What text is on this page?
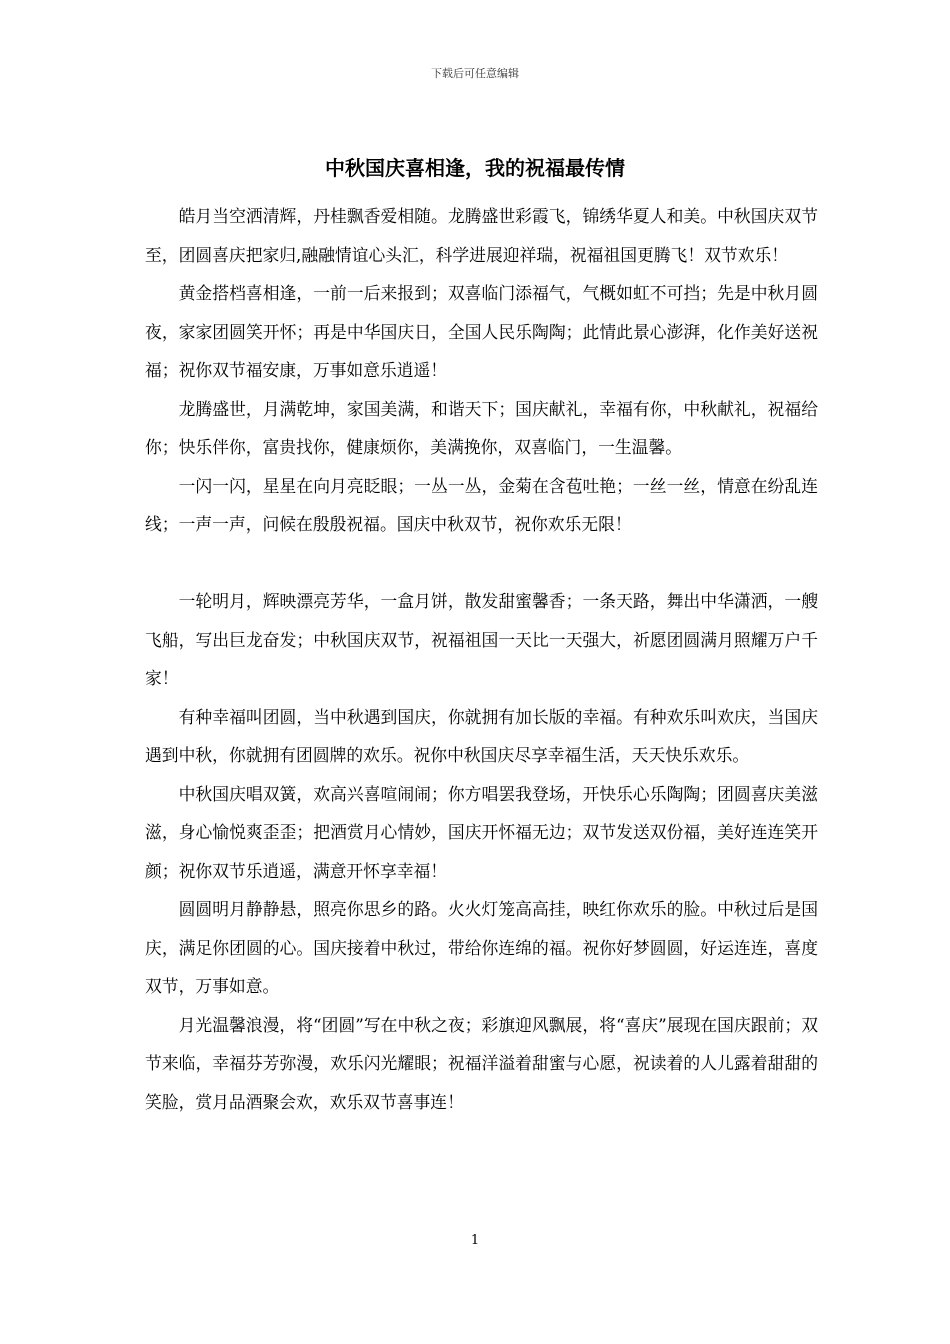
下载后可任意编辑
中秋国庆喜相逢，我的祝福最传情

皓月当空洒清辉，丹桂飘香爱相随。龙腾盛世彩霞飞，锦绣华夏人和美。中秋国庆双节至，团圆喜庆把家归,融融情谊心头汇，科学进展迎祥瑞，祝福祖国更腾飞！双节欢乐！

黄金搭档喜相逢，一前一后来报到；双喜临门添福气，气概如虹不可挡；先是中秋月圆夜，家家团圆笑开怀；再是中华国庆日，全国人民乐陶陶；此情此景心澎湃，化作美好送祝福；祝你双节福安康，万事如意乐逍遥！

龙腾盛世，月满乾坤，家国美满，和谐天下；国庆献礼，幸福有你，中秋献礼，祝福给你；快乐伴你，富贵找你，健康烦你，美满挽你，双喜临门，一生温馨。

一闪一闪，星星在向月亮眨眼；一丛一丛，金菊在含苞吐艳；一丝一丝，情意在纷乱连线；一声一声，问候在殷殷祝福。国庆中秋双节，祝你欢乐无限！

一轮明月，辉映漂亮芳华，一盒月饼，散发甜蜜馨香；一条天路，舞出中华潇洒，一艘飞船，写出巨龙奋发；中秋国庆双节，祝福祖国一天比一天强大，祈愿团圆满月照耀万户千家！

有种幸福叫团圆，当中秋遇到国庆，你就拥有加长版的幸福。有种欢乐叫欢庆，当国庆遇到中秋，你就拥有团圆牌的欢乐。祝你中秋国庆尽享幸福生活，天天快乐欢乐。

中秋国庆唱双簧，欢高兴喜喧闹闹；你方唱罢我登场，开快乐心乐陶陶；团圆喜庆美滋滋，身心愉悦爽歪歪；把酒赏月心情妙，国庆开怀福无边；双节发送双份福，美好连连笑开颜；祝你双节乐逍遥，满意开怀享幸福！

圆圆明月静静悬，照亮你思乡的路。火火灯笼高高挂，映红你欢乐的脸。中秋过后是国庆，满足你团圆的心。国庆接着中秋过，带给你连绵的福。祝你好梦圆圆，好运连连，喜度双节，万事如意。

月光温馨浪漫，将“团圆”写在中秋之夜；彩旗迎风飘展，将“喜庆”展现在国庆跟前；双节来临，幸福芬芳弥漫，欢乐闪光耀眼；祝福洋溢着甜蜜与心愿，祝读着的人儿露着甜甜的笑脸，赏月品酒聚会欢，欢乐双节喜事连！

1
